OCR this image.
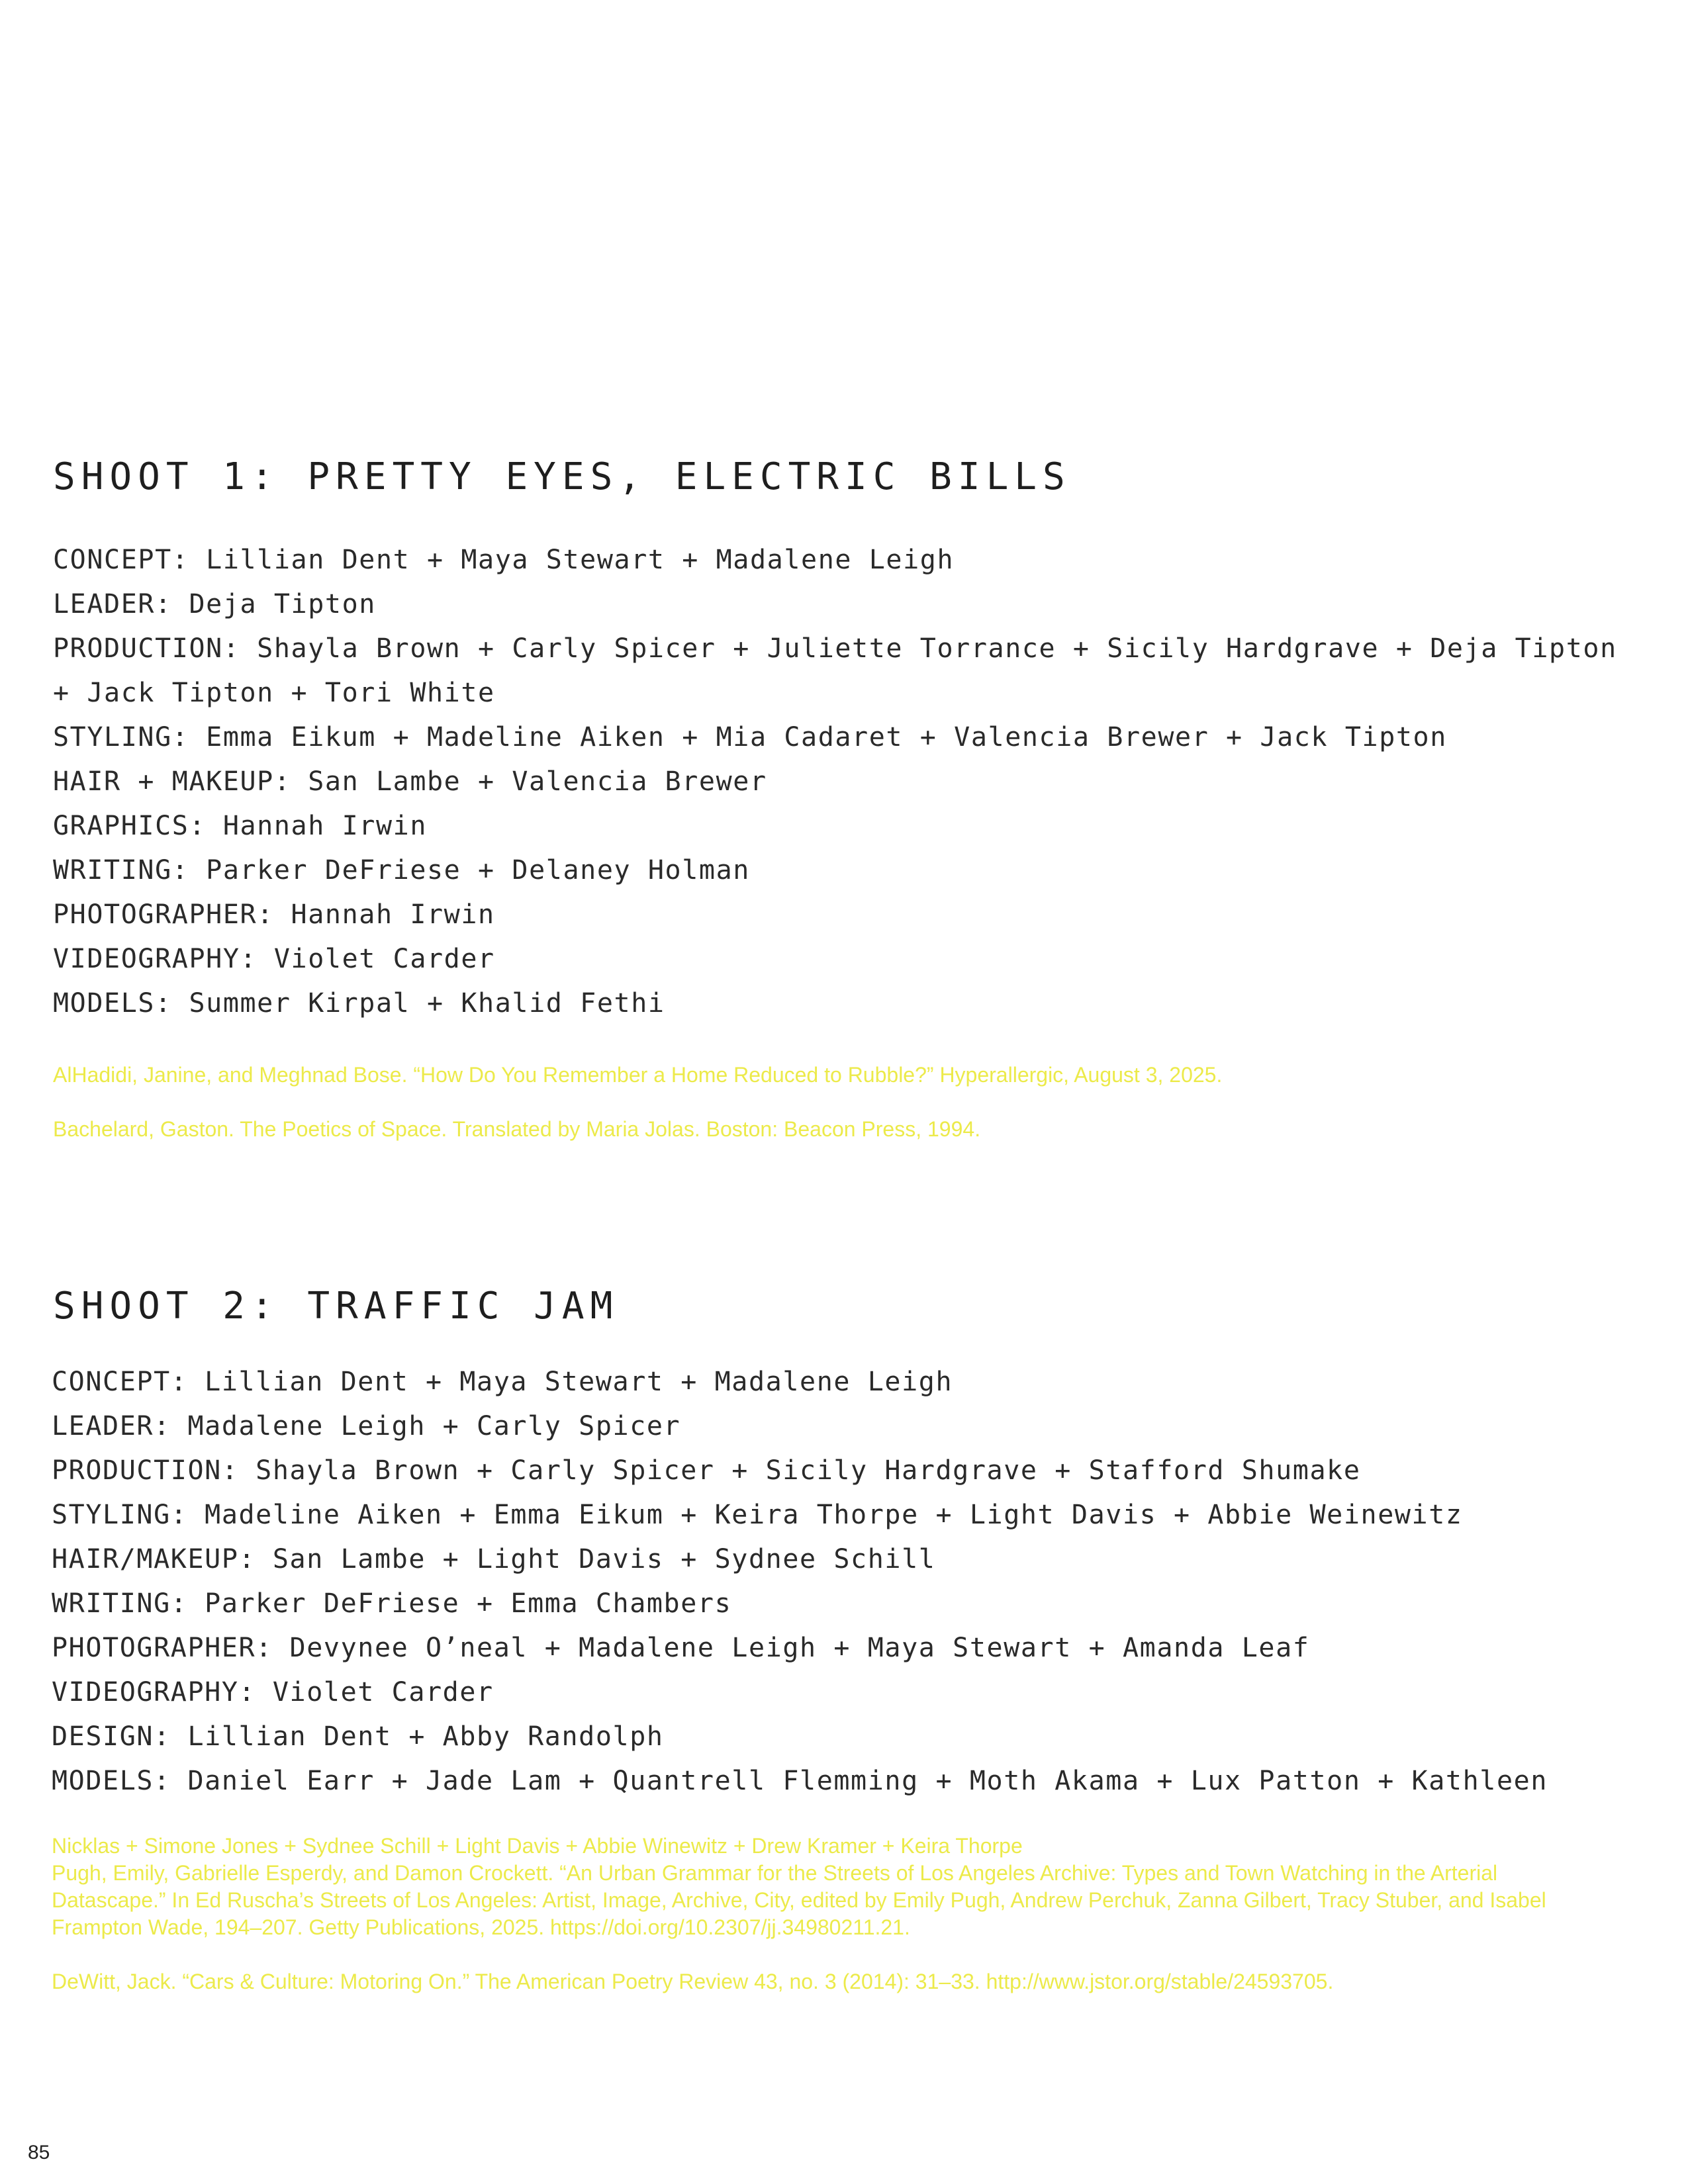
SHOOT 1: PRETTY EYES, ELECTRIC BILLS
CONCEPT: Lillian Dent + Maya Stewart + Madalene Leigh
LEADER: Deja Tipton
PRODUCTION: Shayla Brown + Carly Spicer + Juliette Torrance + Sicily Hardgrave + Deja Tipton + Jack Tipton + Tori White
STYLING: Emma Eikum + Madeline Aiken + Mia Cadaret + Valencia Brewer + Jack Tipton
HAIR + MAKEUP: San Lambe + Valencia Brewer
GRAPHICS: Hannah Irwin
WRITING: Parker DeFriese + Delaney Holman
PHOTOGRAPHER: Hannah Irwin
VIDEOGRAPHY: Violet Carder
MODELS: Summer Kirpal + Khalid Fethi
AlHadidi, Janine, and Meghnad Bose. “How Do You Remember a Home Reduced to Rubble?” Hyperallergic, August 3, 2025.
Bachelard, Gaston. The Poetics of Space. Translated by Maria Jolas. Boston: Beacon Press, 1994.
SHOOT 2: TRAFFIC JAM
CONCEPT: Lillian Dent + Maya Stewart + Madalene Leigh
LEADER: Madalene Leigh + Carly Spicer
PRODUCTION: Shayla Brown + Carly Spicer + Sicily Hardgrave + Stafford Shumake
STYLING: Madeline Aiken + Emma Eikum + Keira Thorpe + Light Davis + Abbie Weinewitz
HAIR/MAKEUP: San Lambe + Light Davis + Sydnee Schill
WRITING: Parker DeFriese + Emma Chambers
PHOTOGRAPHER: Devynee O’neal + Madalene Leigh + Maya Stewart + Amanda Leaf
VIDEOGRAPHY: Violet Carder
DESIGN: Lillian Dent + Abby Randolph
MODELS: Daniel Earr + Jade Lam + Quantrell Flemming + Moth Akama + Lux Patton + Kathleen
Nicklas + Simone Jones + Sydnee Schill + Light Davis + Abbie Winewitz + Drew Kramer + Keira Thorpe
Pugh, Emily, Gabrielle Esperdy, and Damon Crockett. “An Urban Grammar for the Streets of Los Angeles Archive: Types and Town Watching in the Arterial Datascape.” In Ed Ruscha’s Streets of Los Angeles: Artist, Image, Archive, City, edited by Emily Pugh, Andrew Perchuk, Zanna Gilbert, Tracy Stuber, and Isabel Frampton Wade, 194–207. Getty Publications, 2025. https://doi.org/10.2307/jj.34980211.21.
DeWitt, Jack. “Cars & Culture: Motoring On.” The American Poetry Review 43, no. 3 (2014): 31–33. http://www.jstor.org/stable/24593705.
85
